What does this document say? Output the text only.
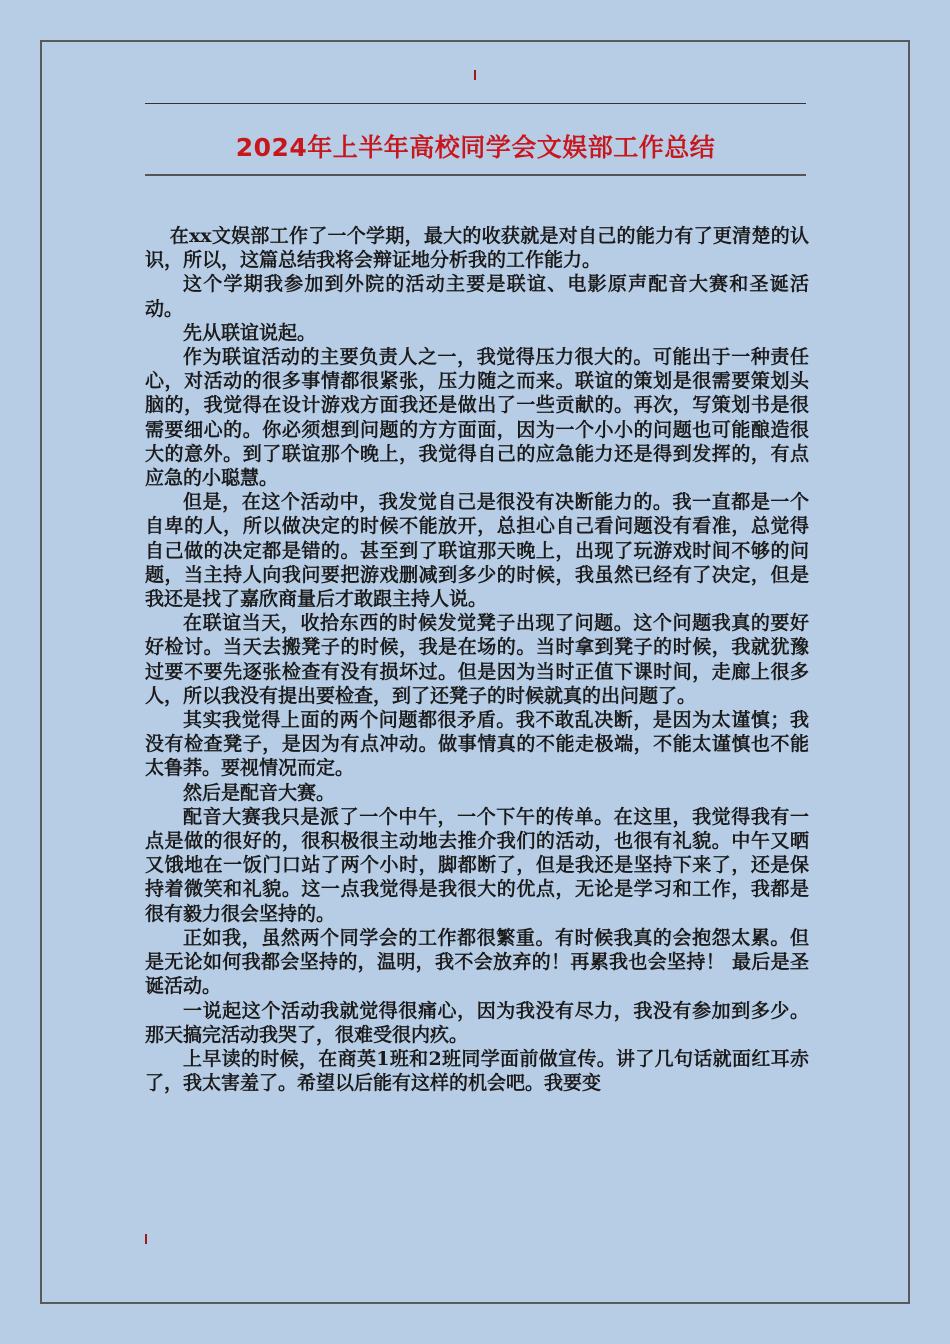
2024年上半年高校同学会文娱部工作总结

在xx文娱部工作了一个学期，最大的收获就是对自己的能力有了更清楚的认识，所以，这篇总结我将会辩证地分析我的工作能力。

这个学期我参加到外院的活动主要是联谊、电影原声配音大赛和圣诞活动。

先从联谊说起。

作为联谊活动的主要负责人之一，我觉得压力很大的。可能出于一种责任心，对活动的很多事情都很紧张，压力随之而来。联谊的策划是很需要策划头脑的，我觉得在设计游戏方面我还是做出了一些贡献的。再次，写策划书是很需要细心的。你必须想到问题的方方面面，因为一个小小的问题也可能酿造很大的意外。到了联谊那个晚上，我觉得自己的应急能力还是得到发挥的，有点应急的小聪慧。

但是，在这个活动中，我发觉自己是很没有决断能力的。我一直都是一个自卑的人，所以做决定的时候不能放开，总担心自己看问题没有看准，总觉得自己做的决定都是错的。甚至到了联谊那天晚上，出现了玩游戏时间不够的问题，当主持人向我问要把游戏删减到多少的时候，我虽然已经有了决定，但是我还是找了嘉欣商量后才敢跟主持人说。

在联谊当天，收拾东西的时候发觉凳子出现了问题。这个问题我真的要好好检讨。当天去搬凳子的时候，我是在场的。当时拿到凳子的时候，我就犹豫过要不要先逐张检查有没有损坏过。但是因为当时正值下课时间，走廊上很多人，所以我没有提出要检查，到了还凳子的时候就真的出问题了。

其实我觉得上面的两个问题都很矛盾。我不敢乱决断，是因为太谨慎；我没有检查凳子，是因为有点冲动。做事情真的不能走极端，不能太谨慎也不能太鲁莽。要视情况而定。

然后是配音大赛。

配音大赛我只是派了一个中午，一个下午的传单。在这里，我觉得我有一点是做的很好的，很积极很主动地去推介我们的活动，也很有礼貌。中午又晒又饿地在一饭门口站了两个小时，脚都断了，但是我还是坚持下来了，还是保持着微笑和礼貌。这一点我觉得是我很大的优点，无论是学习和工作，我都是很有毅力很会坚持的。

正如我，虽然两个同学会的工作都很繁重。有时候我真的会抱怨太累。但是无论如何我都会坚持的，温明，我不会放弃的！再累我也会坚持！ 最后是圣诞活动。

一说起这个活动我就觉得很痛心，因为我没有尽力，我没有参加到多少。那天搞完活动我哭了，很难受很内疚。

上早读的时候，在商英1班和2班同学面前做宣传。讲了几句话就面红耳赤了，我太害羞了。希望以后能有这样的机会吧。我要变
